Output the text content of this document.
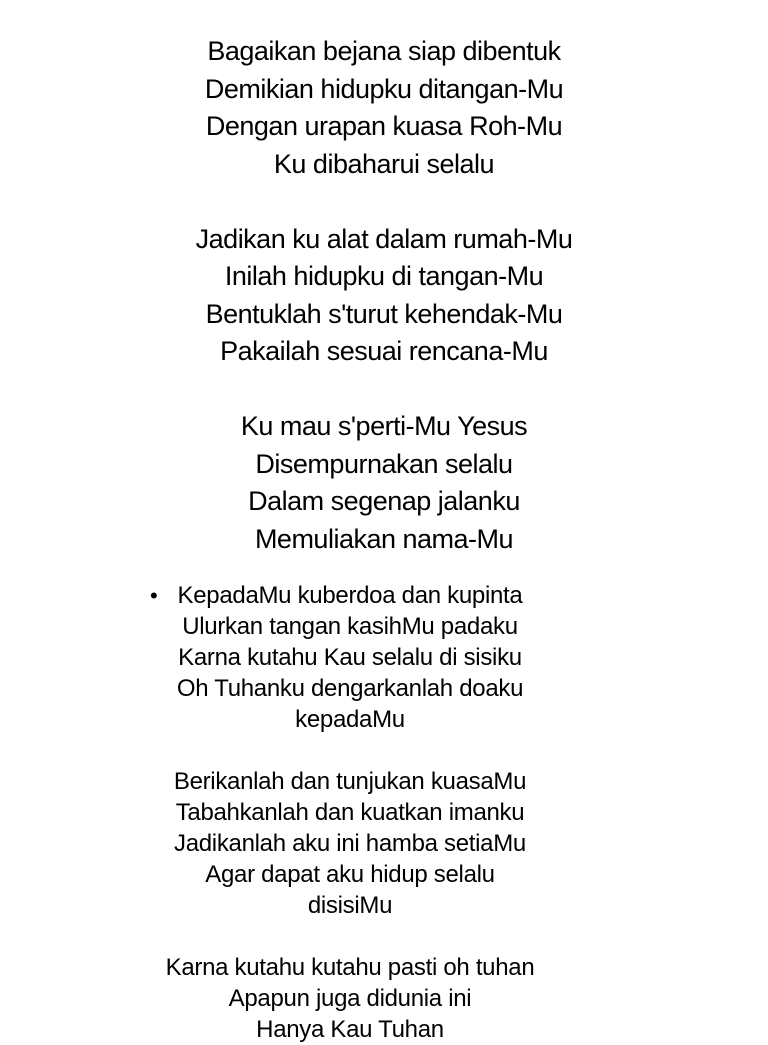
Bagaikan bejana siap dibentuk
Demikian hidupku ditangan-Mu
Dengan urapan kuasa Roh-Mu
Ku dibaharui selalu
Jadikan ku alat dalam rumah-Mu
Inilah hidupku di tangan-Mu
Bentuklah s'turut kehendak-Mu
Pakailah sesuai rencana-Mu
Ku mau s'perti-Mu Yesus
Disempurnakan selalu
Dalam segenap jalanku
Memuliakan nama-Mu
• KepadaMu kuberdoa dan kupinta
Ulurkan tangan kasihMu padaku
Karna kutahu Kau selalu di sisiku
Oh Tuhanku dengarkanlah doaku
kepadaMu
Berikanlah dan tunjukan kuasaMu
Tabahkanlah dan kuatkan imanku
Jadikanlah aku ini hamba setiaMu
Agar dapat aku hidup selalu
disisiMu
Karna kutahu kutahu pasti oh tuhan
Apapun juga didunia ini
Hanya Kau Tuhan
